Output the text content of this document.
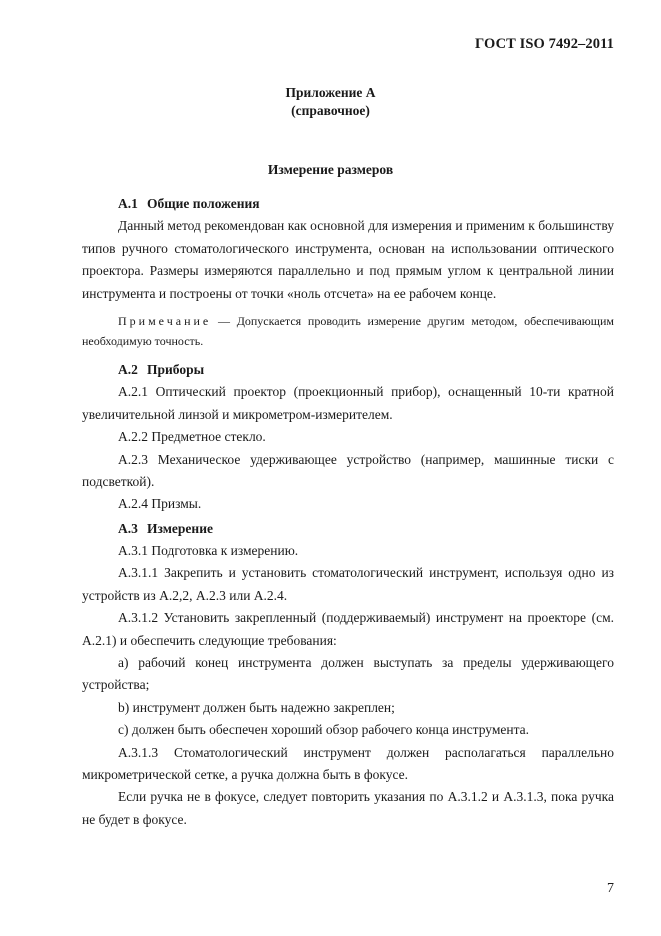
ГОСТ ISO 7492–2011
Приложение А
(справочное)
Измерение размеров
А.1 Общие положения
Данный метод рекомендован как основной для измерения и применим к большинству
типов ручного стоматологического инструмента, основан на использовании оптического
проектора. Размеры измеряются параллельно и под прямым углом к центральной линии
инструмента и построены от точки «ноль отсчета» на ее рабочем конце.
Примечание — Допускается проводить измерение другим методом, обеспечивающим
необходимую точность.
А.2 Приборы
А.2.1 Оптический проектор (проекционный прибор), оснащенный 10-ти кратной
увеличительной линзой и микрометром-измерителем.
А.2.2 Предметное стекло.
А.2.3 Механическое удерживающее устройство (например, машинные тиски с
подсветкой).
А.2.4 Призмы.
А.3 Измерение
А.3.1 Подготовка к измерению.
А.3.1.1 Закрепить и установить стоматологический инструмент, используя одно из
устройств из А.2,2, А.2.3 или А.2.4.
А.3.1.2 Установить закрепленный (поддерживаемый) инструмент на проекторе (см.
А.2.1) и обеспечить следующие требования:
а) рабочий конец инструмента должен выступать за пределы удерживающего
устройства;
b) инструмент должен быть надежно закреплен;
с) должен быть обеспечен хороший обзор рабочего конца инструмента.
А.3.1.3 Стоматологический инструмент должен располагаться параллельно
микрометрической сетке, а ручка должна быть в фокусе.
Если ручка не в фокусе, следует повторить указания по А.3.1.2 и А.3.1.3, пока ручка
не будет в фокусе.
7
